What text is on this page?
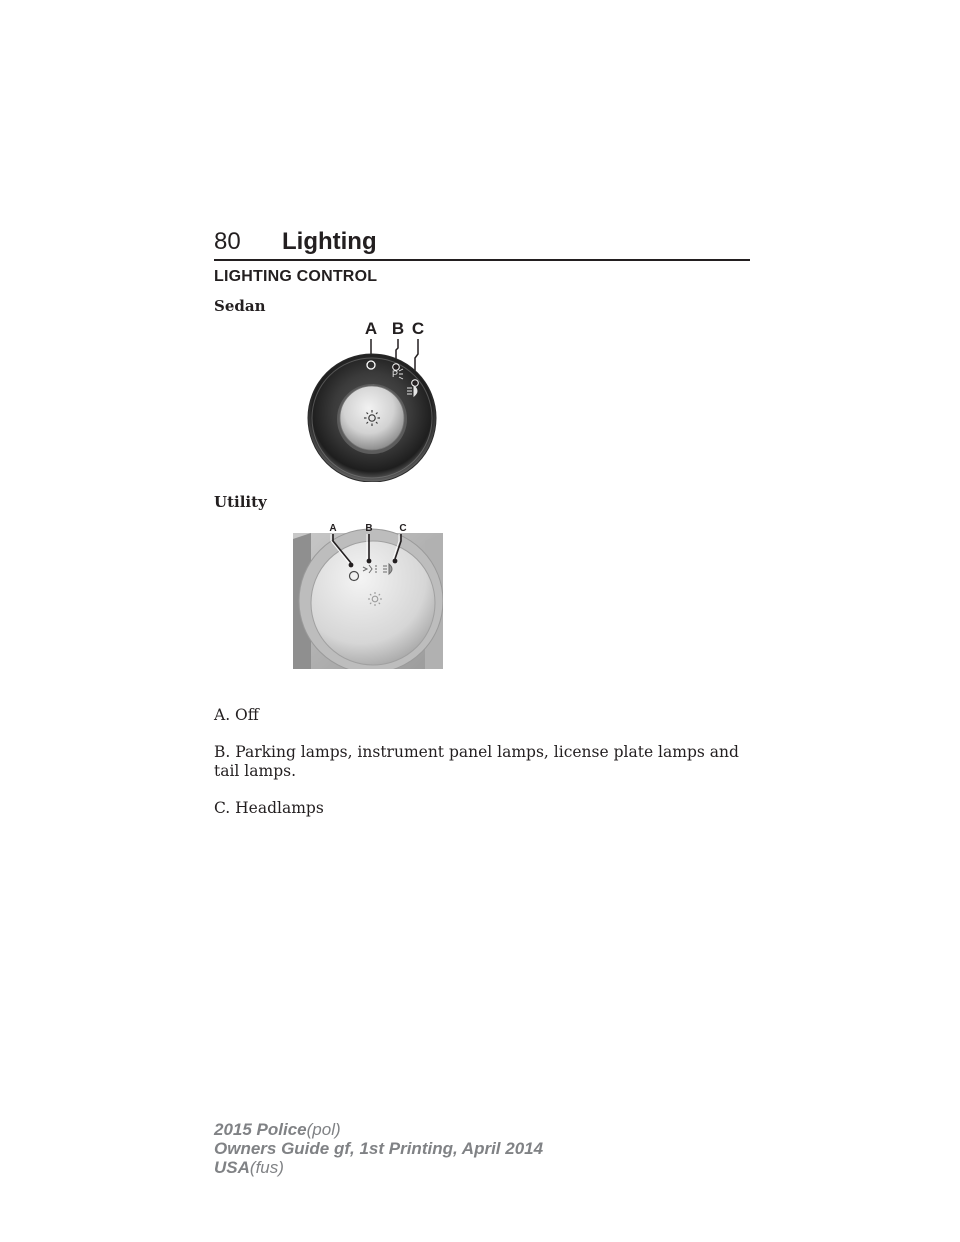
80 Lighting
LIGHTING CONTROL
Sedan
A B C
P
Utility
A	B	C

A. Off

B. Parking lamps, instrument panel lamps, license plate lamps and tail lamps.

C. Headlamps

2015 Police(pol)
Owners Guide gf, 1st Printing, April 2014
USA(fus)
